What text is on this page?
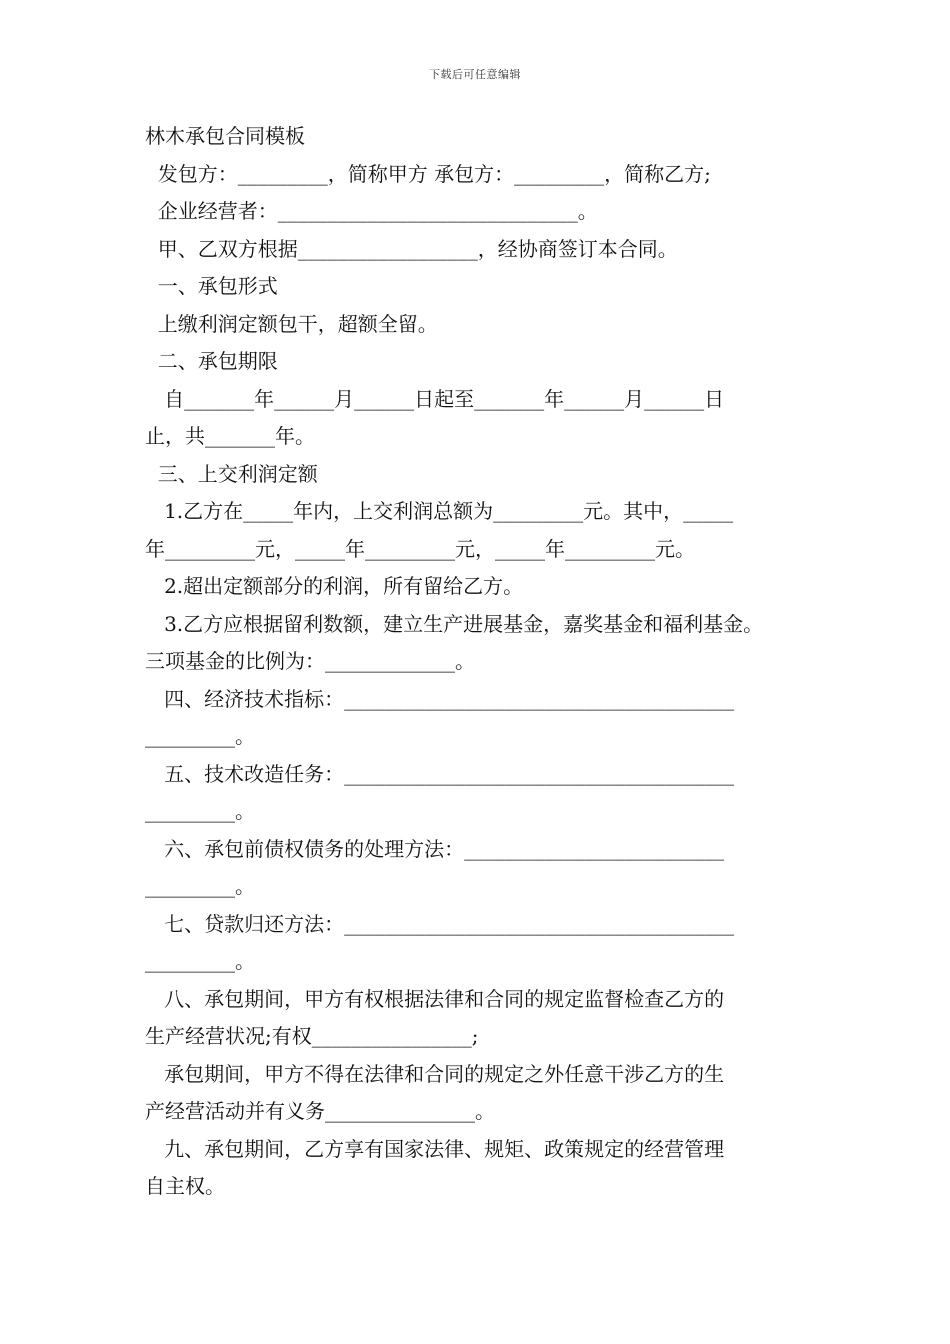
下载后可任意编辑
林木承包合同模板
发包方：_________，简称甲方 承包方：_________，简称乙方;
企业经营者：______________________________。
甲、乙双方根据__________________，经协商签订本合同。
一、承包形式
上缴利润定额包干，超额全留。
二、承包期限
自_______年______月______日起至_______年______月______日
止，共_______年。
三、上交利润定额
1.乙方在_____年内，上交利润总额为_________元。其中，_____
年_________元，_____年_________元，_____年_________元。
2.超出定额部分的利润，所有留给乙方。
3.乙方应根据留利数额，建立生产进展基金，嘉奖基金和福利基金。
三项基金的比例为：_____________。
四、经济技术指标：_______________________________________
_________。
五、技术改造任务：_______________________________________
_________。
六、承包前债权债务的处理方法：__________________________
_________。
七、贷款归还方法：_______________________________________
_________。
八、承包期间，甲方有权根据法律和合同的规定监督检查乙方的
生产经营状况;有权________________;
承包期间，甲方不得在法律和合同的规定之外任意干涉乙方的生
产经营活动并有义务_______________。
九、承包期间，乙方享有国家法律、规矩、政策规定的经营管理
自主权。
